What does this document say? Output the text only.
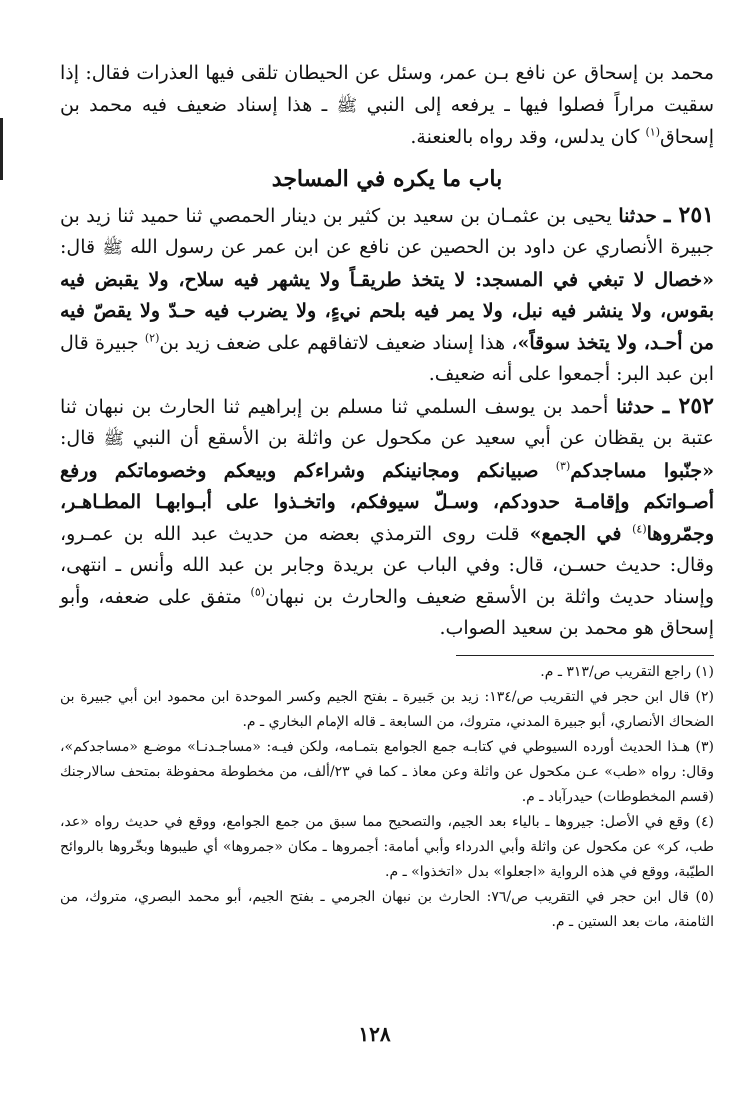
محمد بن إسحاق عن نافع بـن عمر، وسئل عن الحيطان تلقى فيها العذرات فقال: إذا سقيت مراراً فصلوا فيها ـ يرفعه إلى النبي ﷺ ـ هذا إسناد ضعيف فيه محمد بن إسحاق$^{(١)}$ كان يدلس، وقد رواه بالعنعنة.

باب ما يكره في المساجد

٢٥١ ـ حدثنا يحيى بن عثمـان بن سعيد بن كثير بن دينار الحمصي ثنا حميد ثنا زيد بن جبيرة الأنصاري عن داود بن الحصين عن نافع عن ابن عمر عن رسول الله ﷺ قال: «خصال لا تبغي في المسجد: لا يتخذ طريقـاً ولا يشهر فيه سلاح، ولا يقبض فيه بقوس، ولا ينشر فيه نبل، ولا يمر فيه بلحم نيءٍ، ولا يضرب فيه حـدّ ولا يقصّ فيه من أحـد، ولا يتخذ سوقاً»، هذا إسناد ضعيف لاتفاقهم على ضعف زيد بن$^{(٢)}$ جبيرة قال ابن عبد البر: أجمعوا على أنه ضعيف.

٢٥٢ ـ حدثنا أحمد بن يوسف السلمي ثنا مسلم بن إبراهيم ثنا الحارث بن نبهان ثنا عتبة بن يقظان عن أبي سعيد عن مكحول عن واثلة بن الأسقع أن النبي ﷺ قال: «جنّبوا مساجدكم$^{(٣)}$ صبيانكم ومجانينكم وشراءكم وبيعكم وخصوماتكم ورفع أصـواتكم وإقامـة حدودكم، وسـلّ سيوفكم، واتخـذوا على أبـوابهـا المطـاهـر، وجمّروها$^{(٤)}$ في الجمع» قلت روى الترمذي بعضه من حديث عبد الله بن عمـرو، وقال: حديث حسـن، قال: وفي الباب عن بريدة وجابر بن عبد الله وأنس ـ انتهى، وإسناد حديث واثلة بن الأسقع ضعيف والحارث بن نبهان$^{(٥)}$ متفق على ضعفه، وأبو إسحاق هو محمد بن سعيد الصواب.

(١) راجع التقريب ص/٣١٣ ـ م.

(٢) قال ابن حجر في التقريب ص/١٣٤: زيد بن جَبيرة ـ بفتح الجيم وكسر الموحدة ابن محمود ابن أبي جبيرة بن الضحاك الأنصاري، أبو جبيرة المدني، متروك، من السابعة ـ قاله الإمام البخاري ـ م.

(٣) هـذا الحديث أورده السيوطي في كتابـه جمع الجوامع بتمـامه، ولكن فيـه: «مساجـدنـا» موضـع «مساجدكم»، وقال: رواه «طب» عـن مكحول عن واثلة وعن معاذ ـ كما في ٢٣/ألف، من مخطوطة محفوظة بمتحف سالارجنك (قسم المخطوطات) حيدرآباد ـ م.

(٤) وقع في الأصل: جيروها ـ بالياء بعد الجيم، والتصحيح مما سبق من جمع الجوامع، ووقع في حديث رواه «عد، طب، كر» عن مكحول عن واثلة وأبي الدرداء وأبي أمامة: أجمروها ـ مكان «جمروها» أي طيبوها وبخّروها بالروائح الطيّبة، ووقع في هذه الرواية «اجعلوا» بدل «اتخذوا» ـ م.

(٥) قال ابن حجر في التقريب ص/٧٦: الحارث بن نبهان الجرمي ـ بفتح الجيم، أبو محمد البصري، متروك، من الثامنة، مات بعد الستين ـ م.

١٢٨
